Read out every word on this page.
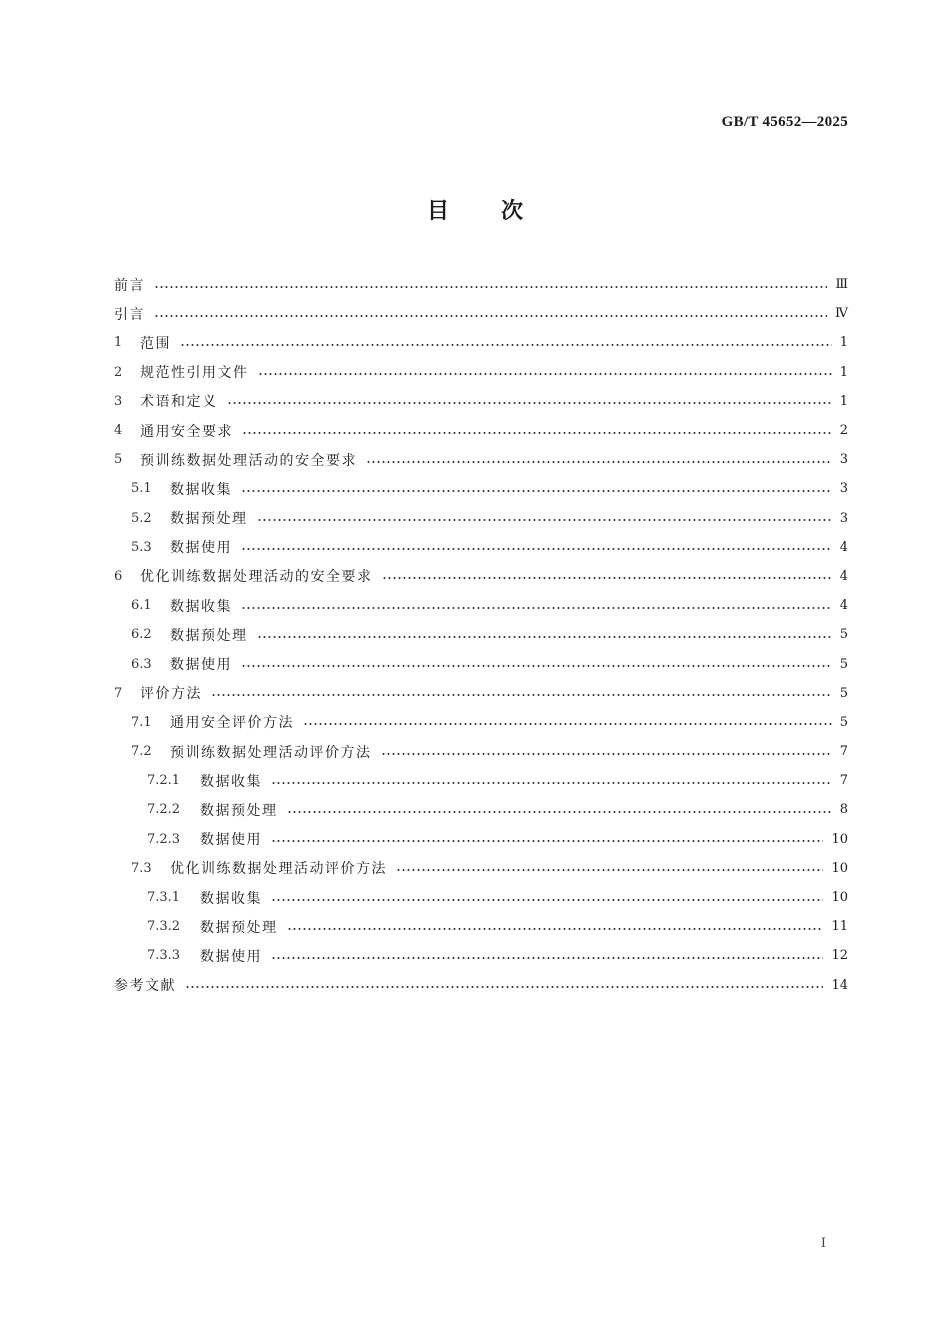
GB/T 45652—2025
目次
前言	Ⅲ
引言	Ⅳ
1	范围	1
2	规范性引用文件	1
3	术语和定义	1
4	通用安全要求	2
5	预训练数据处理活动的安全要求	3
5.1	数据收集	3
5.2	数据预处理	3
5.3	数据使用	4
6	优化训练数据处理活动的安全要求	4
6.1	数据收集	4
6.2	数据预处理	5
6.3	数据使用	5
7	评价方法	5
7.1	通用安全评价方法	5
7.2	预训练数据处理活动评价方法	7
7.2.1	数据收集	7
7.2.2	数据预处理	8
7.2.3	数据使用	10
7.3	优化训练数据处理活动评价方法	10
7.3.1	数据收集	10
7.3.2	数据预处理	11
7.3.3	数据使用	12
参考文献	14
Ⅰ
